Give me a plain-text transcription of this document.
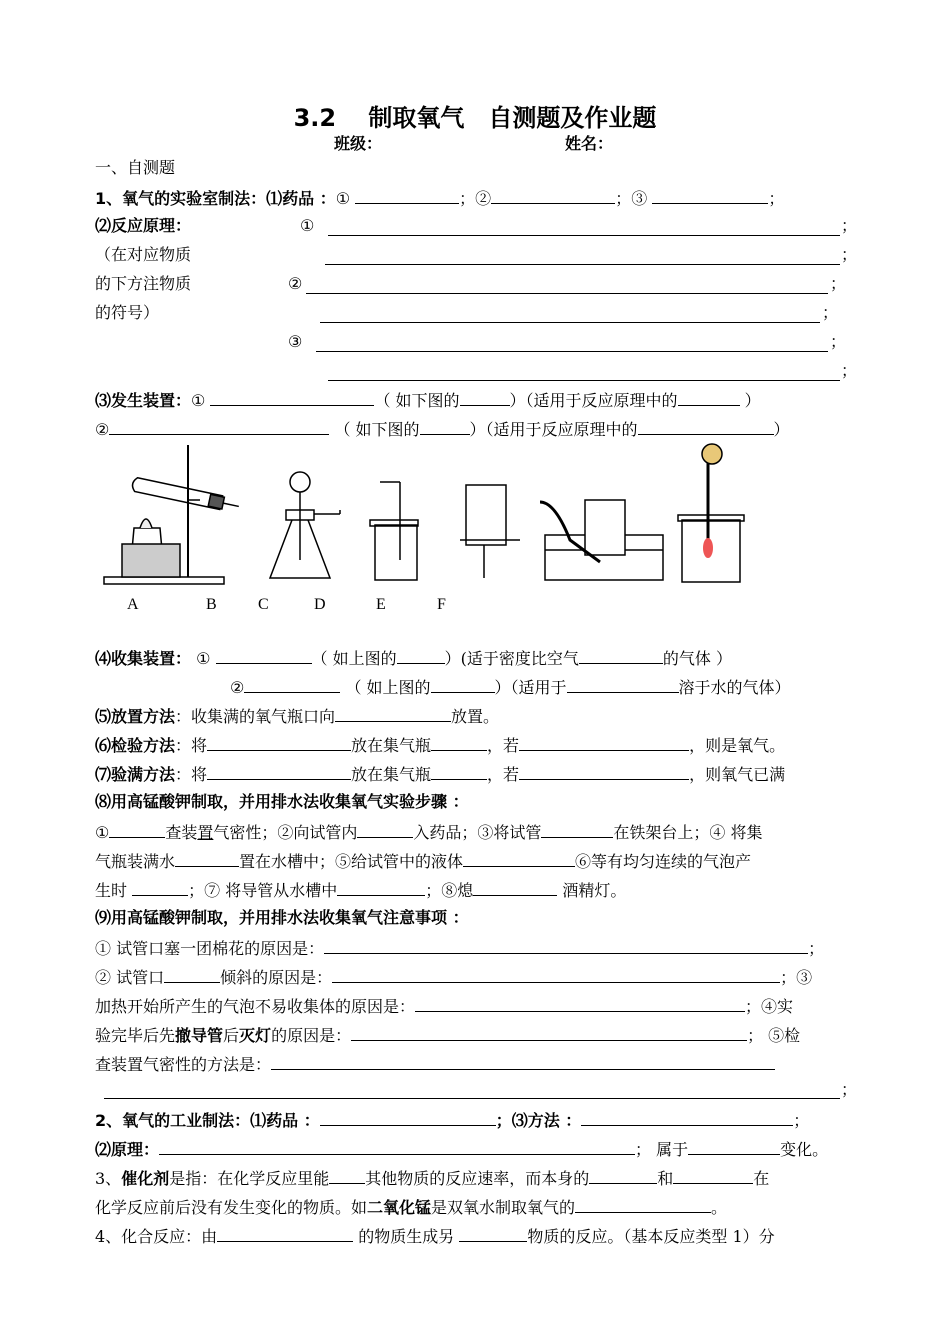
3.2　 制取氧气　自测题及作业题
班级：	姓名：
一、自测题
1、氧气的实验室制法：⑴药品 ：①	；②	；③	；
⑵反应原理：
（在对应物质
的下方注物质
的符号）
①	；
；
②	；
；
③	；
；
⑶发生装置：①	（ 如下图的	）（适用于反应原理中的	）
②	（ 如下图的	）（适用于反应原理中的	）
A	B	C	D	E	F
⑷收集装置： ①	（ 如上图的	）(适于密度比空气	的气体 ）
②	（ 如上图的	）（适用于	溶于水的气体）
⑸放置方法：收集满的氧气瓶口向	放置。
⑹检验方法：将	放在集气瓶	，若	，则是氧气。
⑺验满方法：将	放在集气瓶	，若	，则氧气已满
⑻用高锰酸钾制取，并用排水法收集氧气实验步骤 ：
①	查装置气密性；②向试管内	入药品；③将试管	在铁架台上；④ 将集
气瓶装满水	置在水槽中；⑤给试管中的液体	⑥等有均匀连续的气泡产
生时	；⑦ 将导管从水槽中	；⑧熄	酒精灯。
⑼用高锰酸钾制取，并用排水法收集氧气注意事项 ：
① 试管口塞一团棉花的原因是：	；
② 试管口	倾斜的原因是：	；③
加热开始所产生的气泡不易收集体的原因是：	；④实
验完毕后先撤导管后灭灯的原因是：	； ⑤检
查装置气密性的方法是：
；
2、氧气的工业制法：⑴药品 ：	；⑶方法 ：	；
⑵原理：	； 属于	变化。
3、催化剂是指：在化学反应里能 其他物质的反应速率，而本身的	和	在
化学反应前后没有发生变化的物质。如二氧化锰是双氧水制取氧气的	。
4、化合反应：由	的物质生成另	物质的反应。（基本反应类型 1）分
